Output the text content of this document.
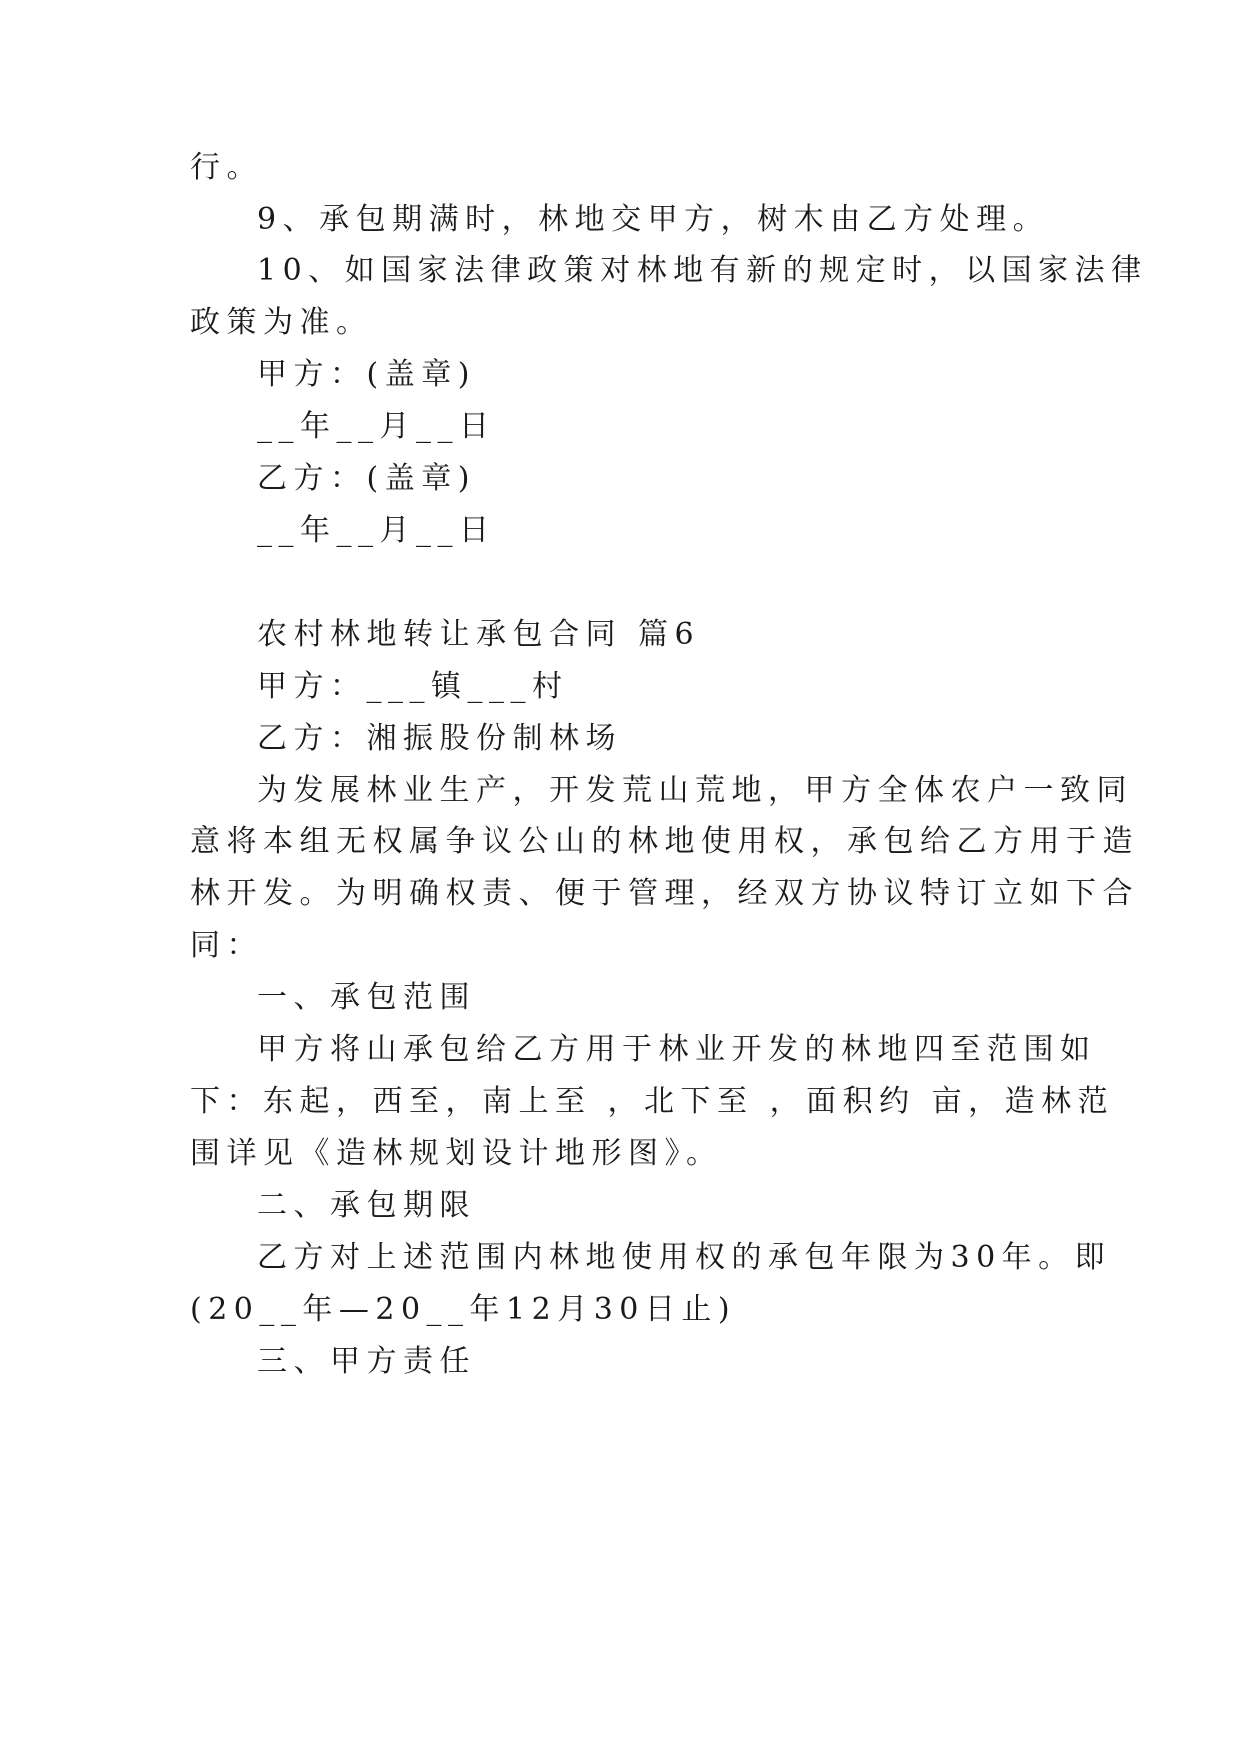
行。
9、承包期满时，林地交甲方，树木由乙方处理。
10、如国家法律政策对林地有新的规定时，以国家法律
政策为准。
甲方：(盖章)
__年__月__日
乙方：(盖章)
__年__月__日
农村林地转让承包合同 篇6
甲方：___镇___村
乙方：湘振股份制林场
为发展林业生产，开发荒山荒地，甲方全体农户一致同
意将本组无权属争议公山的林地使用权，承包给乙方用于造
林开发。为明确权责、便于管理，经双方协议特订立如下合
同：
一、承包范围
甲方将山承包给乙方用于林业开发的林地四至范围如
下：东起，西至，南上至 ，北下至 ，面积约 亩，造林范
围详见《造林规划设计地形图》。
二、承包期限
乙方对上述范围内林地使用权的承包年限为30年。即
(20__年—20__年12月30日止)
三、甲方责任
